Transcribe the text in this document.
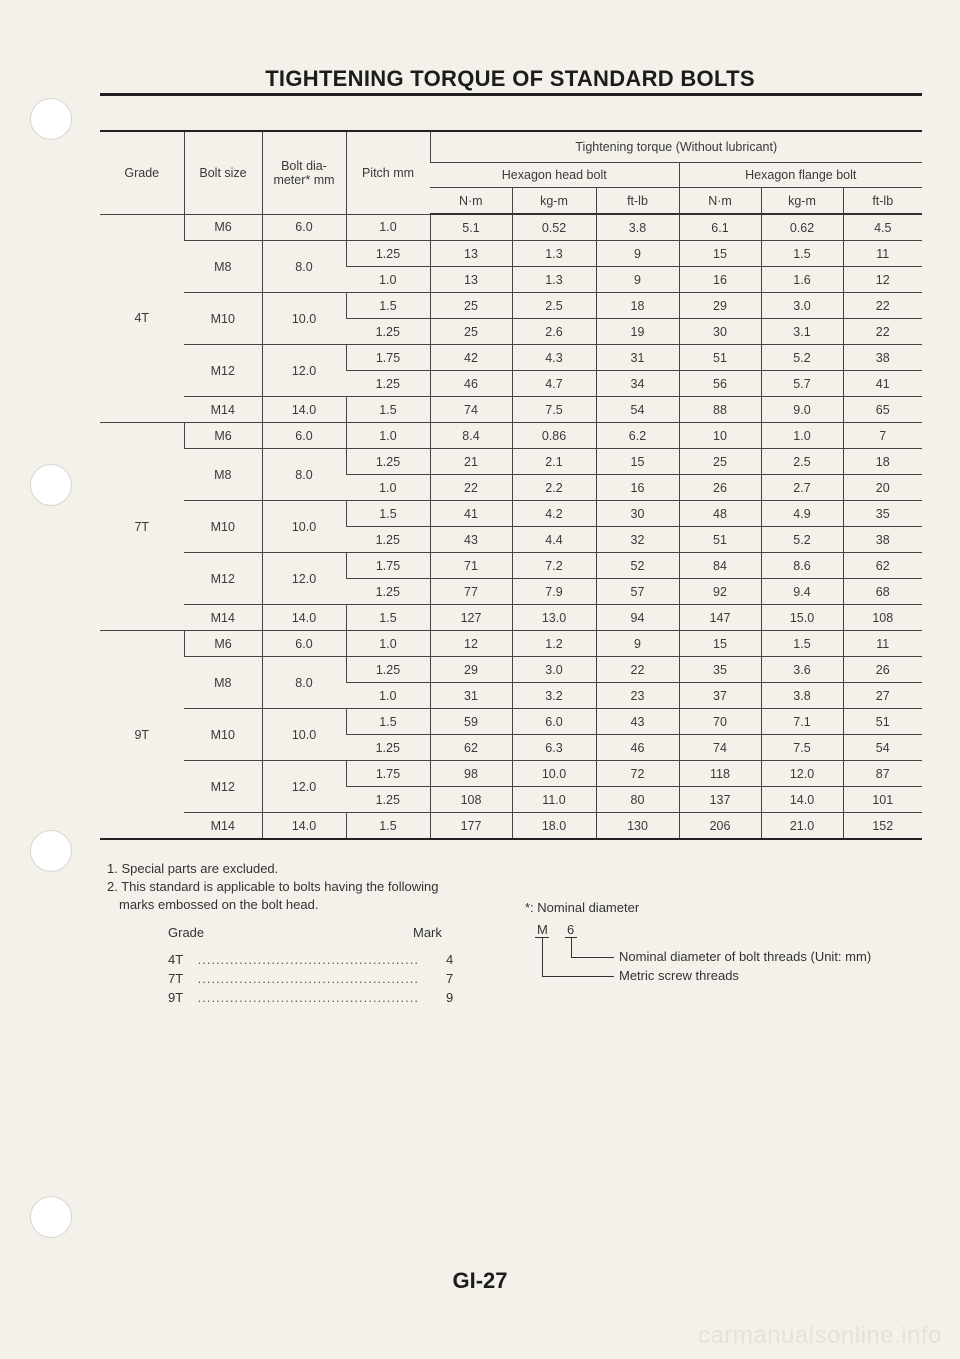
TIGHTENING TORQUE OF STANDARD BOLTS
Grade	Bolt size	Bolt dia-
meter* mm	Pitch mm	Tightening torque (Without lubricant)					
				Hexagon head bolt			Hexagon flange bolt		
				N·m	kg-m	ft-lb	N·m	kg-m	ft-lb
4T	M6	6.0	1.0	5.1	0.52	3.8	6.1	0.62	4.5
	M8	8.0	1.25	13	1.3	9	15	1.5	11
			1.0	13	1.3	9	16	1.6	12
	M10	10.0	1.5	25	2.5	18	29	3.0	22
			1.25	25	2.6	19	30	3.1	22
	M12	12.0	1.75	42	4.3	31	51	5.2	38
			1.25	46	4.7	34	56	5.7	41
	M14	14.0	1.5	74	7.5	54	88	9.0	65
7T	M6	6.0	1.0	8.4	0.86	6.2	10	1.0	7
	M8	8.0	1.25	21	2.1	15	25	2.5	18
			1.0	22	2.2	16	26	2.7	20
	M10	10.0	1.5	41	4.2	30	48	4.9	35
			1.25	43	4.4	32	51	5.2	38
	M12	12.0	1.75	71	7.2	52	84	8.6	62
			1.25	77	7.9	57	92	9.4	68
	M14	14.0	1.5	127	13.0	94	147	15.0	108
9T	M6	6.0	1.0	12	1.2	9	15	1.5	11
	M8	8.0	1.25	29	3.0	22	35	3.6	26
			1.0	31	3.2	23	37	3.8	27
	M10	10.0	1.5	59	6.0	43	70	7.1	51
			1.25	62	6.3	46	74	7.5	54
	M12	12.0	1.75	98	10.0	72	118	12.0	87
			1.25	108	11.0	80	137	14.0	101
	M14	14.0	1.5	177	18.0	130	206	21.0	152

1. Special parts are excluded.

2. This standard is applicable to bolts having the following

marks embossed on the bolt head.

Grade	Mark
4T ................................................ 4
7T ................................................ 7
9T ................................................ 9
*: Nominal diameter
M 6
Nominal diameter of bolt threads (Unit: mm)
Metric screw threads
GI-27
carmanualsonline.info
